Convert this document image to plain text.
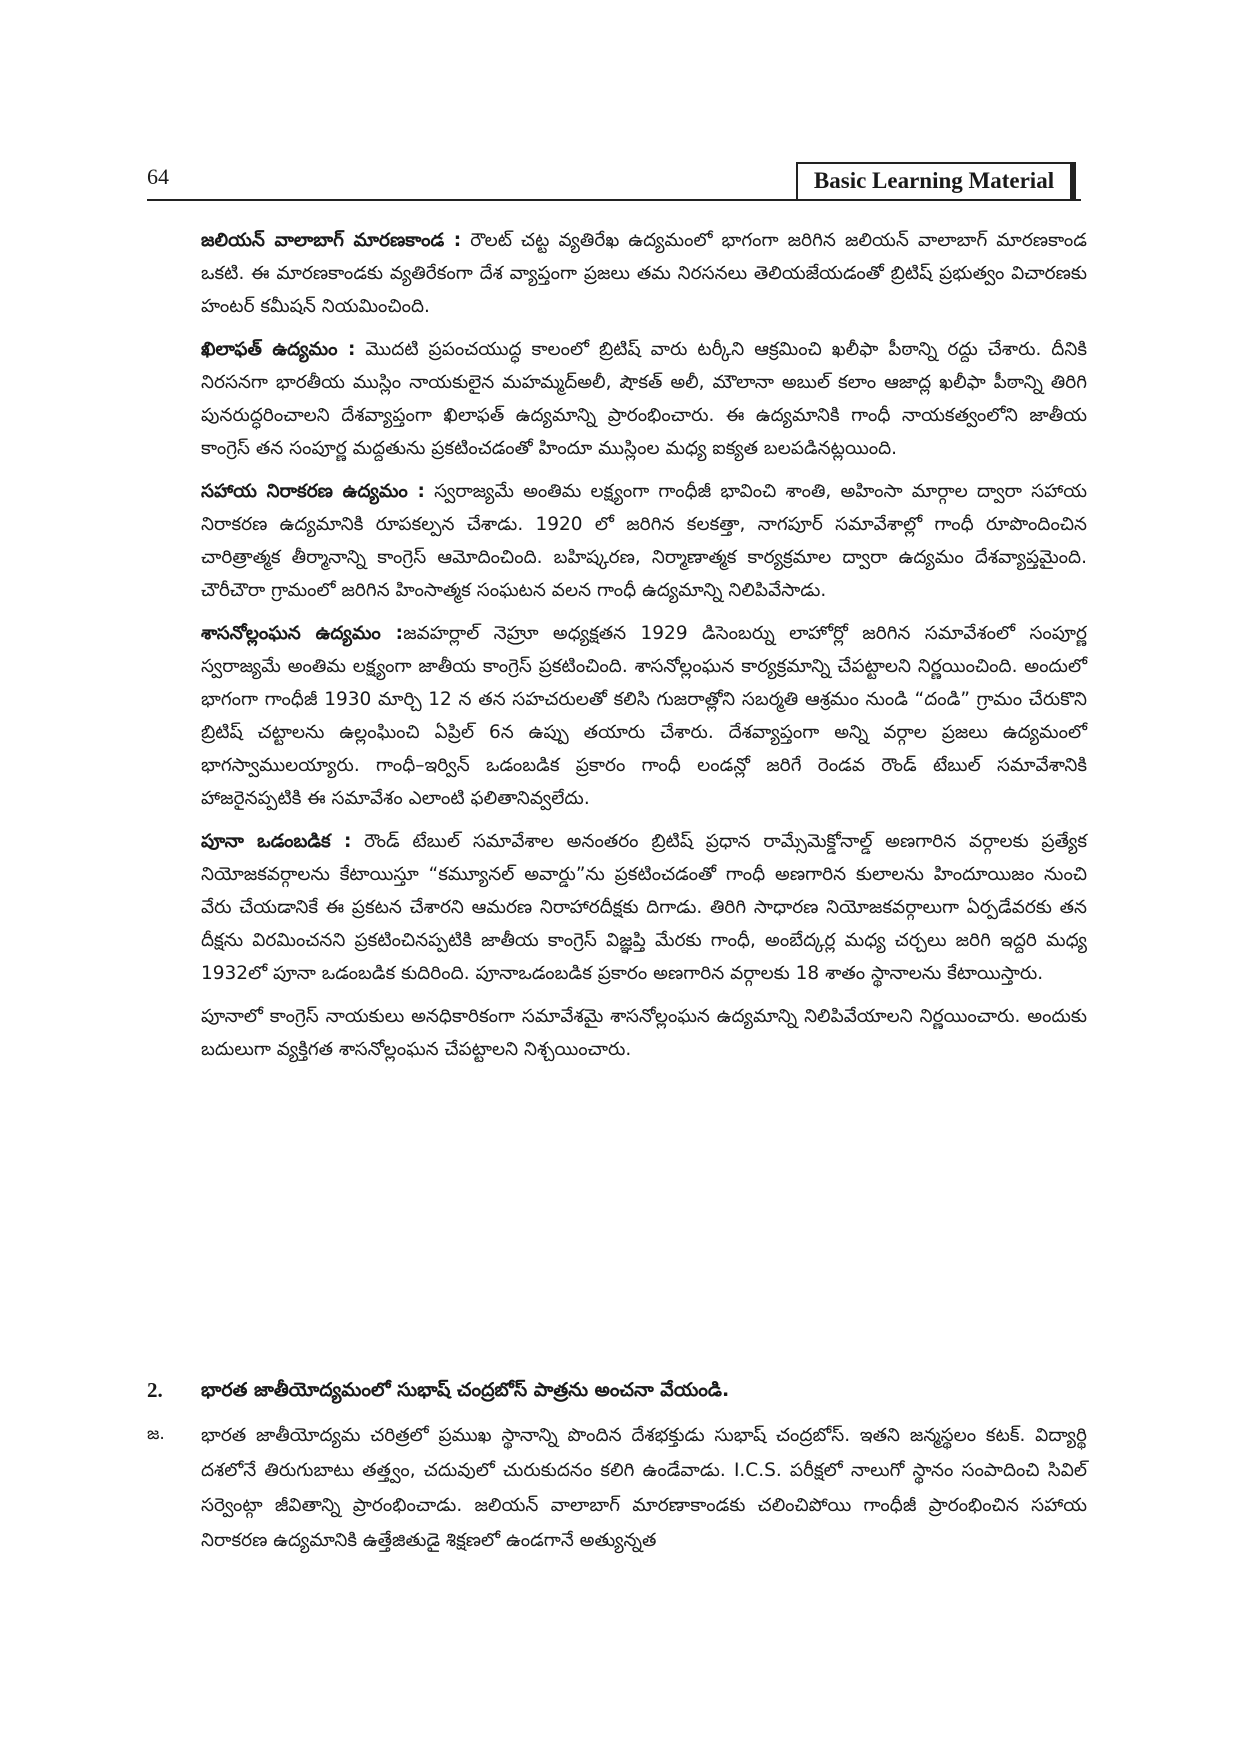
64	Basic Learning Material

జలియన్ వాలాబాగ్ మారణకాండ : రౌలట్ చట్ట వ్యతిరేఖ ఉద్యమంలో భాగంగా జరిగిన జలియన్ వాలాబాగ్ మారణకాండ ఒకటి. ఈ మారణకాండకు వ్యతిరేకంగా దేశ వ్యాప్తంగా ప్రజలు తమ నిరసనలు తెలియజేయడంతో బ్రిటిష్ ప్రభుత్వం విచారణకు హంటర్ కమీషన్ నియమించింది.

ఖిలాఫత్ ఉద్యమం : మొదటి ప్రపంచయుద్ధ కాలంలో బ్రిటిష్ వారు టర్కీని ఆక్రమించి ఖలీఫా పీఠాన్ని రద్దు చేశారు. దీనికి నిరసనగా భారతీయ ముస్లిం నాయకులైన మహమ్మద్అలీ, షౌకత్ అలీ, మౌలానా అబుల్ కలాం ఆజాద్ల ఖలీఫా పీఠాన్ని తిరిగి పునరుద్ధరించాలని దేశవ్యాప్తంగా ఖిలాఫత్ ఉద్యమాన్ని ప్రారంభించారు. ఈ ఉద్యమానికి గాంధీ నాయకత్వంలోని జాతీయ కాంగ్రెస్ తన సంపూర్ణ మద్దతును ప్రకటించడంతో హిందూ ముస్లింల మధ్య ఐక్యత బలపడినట్లయింది.

సహాయ నిరాకరణ ఉద్యమం : స్వరాజ్యమే అంతిమ లక్ష్యంగా గాంధీజీ భావించి శాంతి, అహింసా మార్గాల ద్వారా సహాయ నిరాకరణ ఉద్యమానికి రూపకల్పన చేశాడు. 1920 లో జరిగిన కలకత్తా, నాగపూర్ సమావేశాల్లో గాంధీ రూపొందించిన చారిత్రాత్మక తీర్మానాన్ని కాంగ్రెస్ ఆమోదించింది. బహిష్కరణ, నిర్మాణాత్మక కార్యక్రమాల ద్వారా ఉద్యమం దేశవ్యాప్తమైంది. చౌరీచౌరా గ్రామంలో జరిగిన హింసాత్మక సంఘటన వలన గాంధీ ఉద్యమాన్ని నిలిపివేసాడు.

శాసనోల్లంఘన ఉద్యమం :జవహర్లాల్ నెహ్రూ అధ్యక్షతన 1929 డిసెంబర్ను లాహోర్లో జరిగిన సమావేశంలో సంపూర్ణ స్వరాజ్యమే అంతిమ లక్ష్యంగా జాతీయ కాంగ్రెస్ ప్రకటించింది. శాసనోల్లంఘన కార్యక్రమాన్ని చేపట్టాలని నిర్ణయించింది. అందులో భాగంగా గాంధీజీ 1930 మార్చి 12 న తన సహచరులతో కలిసి గుజరాత్లోని సబర్మతి ఆశ్రమం నుండి “దండి” గ్రామం చేరుకొని బ్రిటిష్ చట్టాలను ఉల్లంఘించి ఏప్రిల్ 6న ఉప్పు తయారు చేశారు. దేశవ్యాప్తంగా అన్ని వర్గాల ప్రజలు ఉద్యమంలో భాగస్వాములయ్యారు. గాంధీ–ఇర్విన్ ఒడంబడిక ప్రకారం గాంధీ లండన్లో జరిగే రెండవ రౌండ్ టేబుల్ సమావేశానికి హాజరైనప్పటికి ఈ సమావేశం ఎలాంటి ఫలితానివ్వలేదు.

పూనా ఒడంబడిక : రౌండ్ టేబుల్ సమావేశాల అనంతరం బ్రిటిష్ ప్రధాన రామ్సేమెక్డోనాల్డ్ అణగారిన వర్గాలకు ప్రత్యేక నియోజకవర్గాలను కేటాయిస్తూ “కమ్యూనల్ అవార్డు”ను ప్రకటించడంతో గాంధీ అణగారిన కులాలను హిందూయిజం నుంచి వేరు చేయడానికే ఈ ప్రకటన చేశారని ఆమరణ నిరాహారదీక్షకు దిగాడు. తిరిగి సాధారణ నియోజకవర్గాలుగా ఏర్పడేవరకు తన దీక్షను విరమించనని ప్రకటించినప్పటికి జాతీయ కాంగ్రెస్ విజ్ఞప్తి మేరకు గాంధీ, అంబేద్కర్ల మధ్య చర్చలు జరిగి ఇద్దరి మధ్య 1932లో పూనా ఒడంబడిక కుదిరింది. పూనాఒడంబడిక ప్రకారం అణగారిన వర్గాలకు 18 శాతం స్థానాలను కేటాయిస్తారు.

పూనాలో కాంగ్రెస్ నాయకులు అనధికారికంగా సమావేశమై శాసనోల్లంఘన ఉద్యమాన్ని నిలిపివేయాలని నిర్ణయించారు. అందుకు బదులుగా వ్యక్తిగత శాసనోల్లంఘన చేపట్టాలని నిశ్చయించారు.

2. భారత జాతీయోద్యమంలో సుభాష్ చంద్రబోస్ పాత్రను అంచనా వేయండి.
జ. భారత జాతీయోద్యమ చరిత్రలో ప్రముఖ స్థానాన్ని పొందిన దేశభక్తుడు సుభాష్ చంద్రబోస్. ఇతని జన్మస్థలం కటక్. విద్యార్థి దశలోనే తిరుగుబాటు తత్త్వం, చదువులో చురుకుదనం కలిగి ఉండేవాడు. I.C.S. పరీక్షలో నాలుగో స్థానం సంపాదించి సివిల్ సర్వెంట్గా జీవితాన్ని ప్రారంభించాడు. జలియన్ వాలాబాగ్ మారణాకాండకు చలించిపోయి గాంధీజీ ప్రారంభించిన సహాయ నిరాకరణ ఉద్యమానికి ఉత్తేజితుడై శిక్షణలో ఉండగానే అత్యున్నత
